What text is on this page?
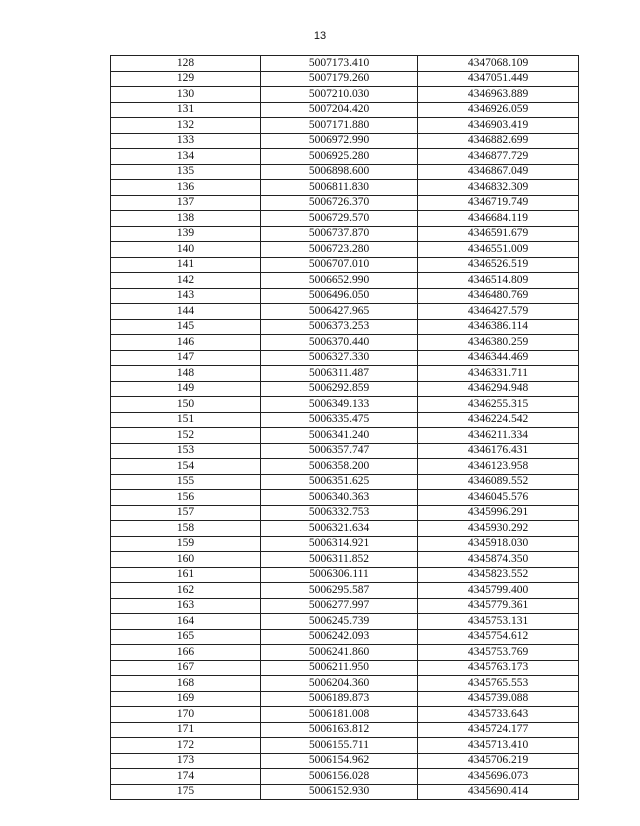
13
128	5007173.410	4347068.109
129	5007179.260	4347051.449
130	5007210.030	4346963.889
131	5007204.420	4346926.059
132	5007171.880	4346903.419
133	5006972.990	4346882.699
134	5006925.280	4346877.729
135	5006898.600	4346867.049
136	5006811.830	4346832.309
137	5006726.370	4346719.749
138	5006729.570	4346684.119
139	5006737.870	4346591.679
140	5006723.280	4346551.009
141	5006707.010	4346526.519
142	5006652.990	4346514.809
143	5006496.050	4346480.769
144	5006427.965	4346427.579
145	5006373.253	4346386.114
146	5006370.440	4346380.259
147	5006327.330	4346344.469
148	5006311.487	4346331.711
149	5006292.859	4346294.948
150	5006349.133	4346255.315
151	5006335.475	4346224.542
152	5006341.240	4346211.334
153	5006357.747	4346176.431
154	5006358.200	4346123.958
155	5006351.625	4346089.552
156	5006340.363	4346045.576
157	5006332.753	4345996.291
158	5006321.634	4345930.292
159	5006314.921	4345918.030
160	5006311.852	4345874.350
161	5006306.111	4345823.552
162	5006295.587	4345799.400
163	5006277.997	4345779.361
164	5006245.739	4345753.131
165	5006242.093	4345754.612
166	5006241.860	4345753.769
167	5006211.950	4345763.173
168	5006204.360	4345765.553
169	5006189.873	4345739.088
170	5006181.008	4345733.643
171	5006163.812	4345724.177
172	5006155.711	4345713.410
173	5006154.962	4345706.219
174	5006156.028	4345696.073
175	5006152.930	4345690.414
